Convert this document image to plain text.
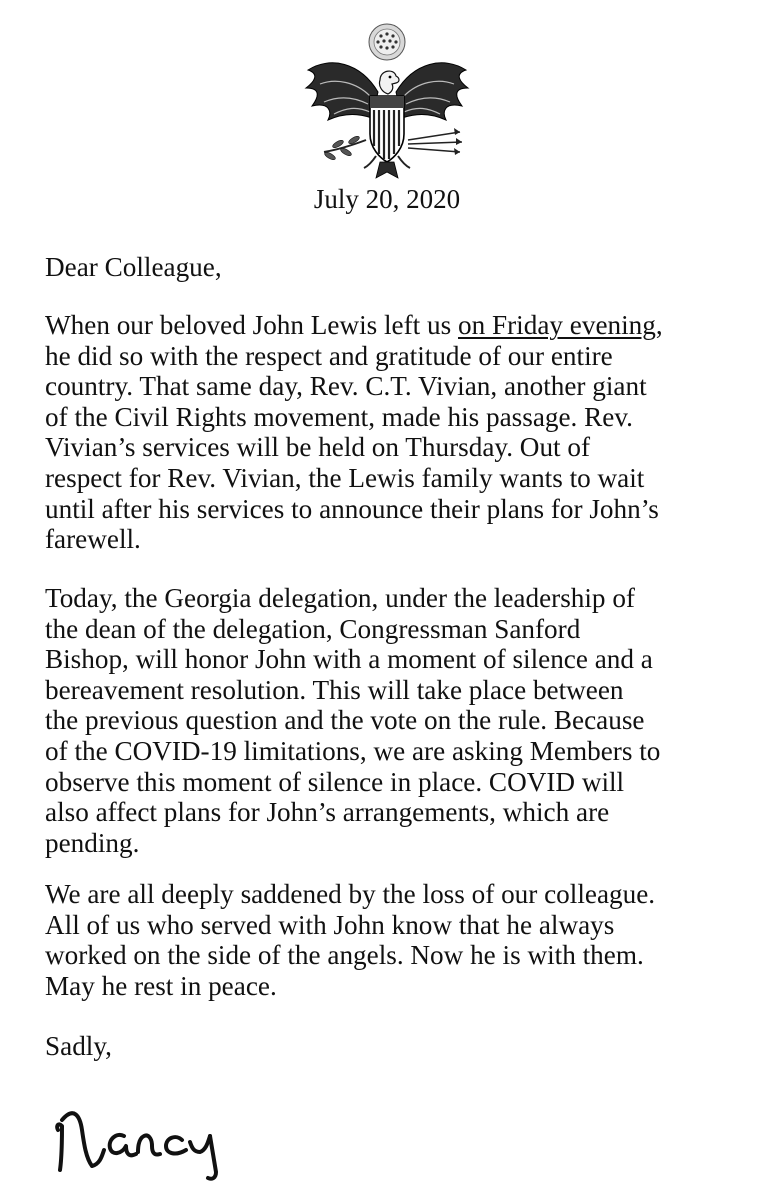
July 20, 2020

Dear Colleague,

When our beloved John Lewis left us on Friday evening,
he did so with the respect and gratitude of our entire
country. That same day, Rev. C.T. Vivian, another giant
of the Civil Rights movement, made his passage. Rev.
Vivian’s services will be held on Thursday. Out of
respect for Rev. Vivian, the Lewis family wants to wait
until after his services to announce their plans for John’s
farewell.

Today, the Georgia delegation, under the leadership of
the dean of the delegation, Congressman Sanford
Bishop, will honor John with a moment of silence and a
bereavement resolution. This will take place between
the previous question and the vote on the rule. Because
of the COVID-19 limitations, we are asking Members to
observe this moment of silence in place. COVID will
also affect plans for John’s arrangements, which are
pending.

We are all deeply saddened by the loss of our colleague.
All of us who served with John know that he always
worked on the side of the angels. Now he is with them.
May he rest in peace.

Sadly,
